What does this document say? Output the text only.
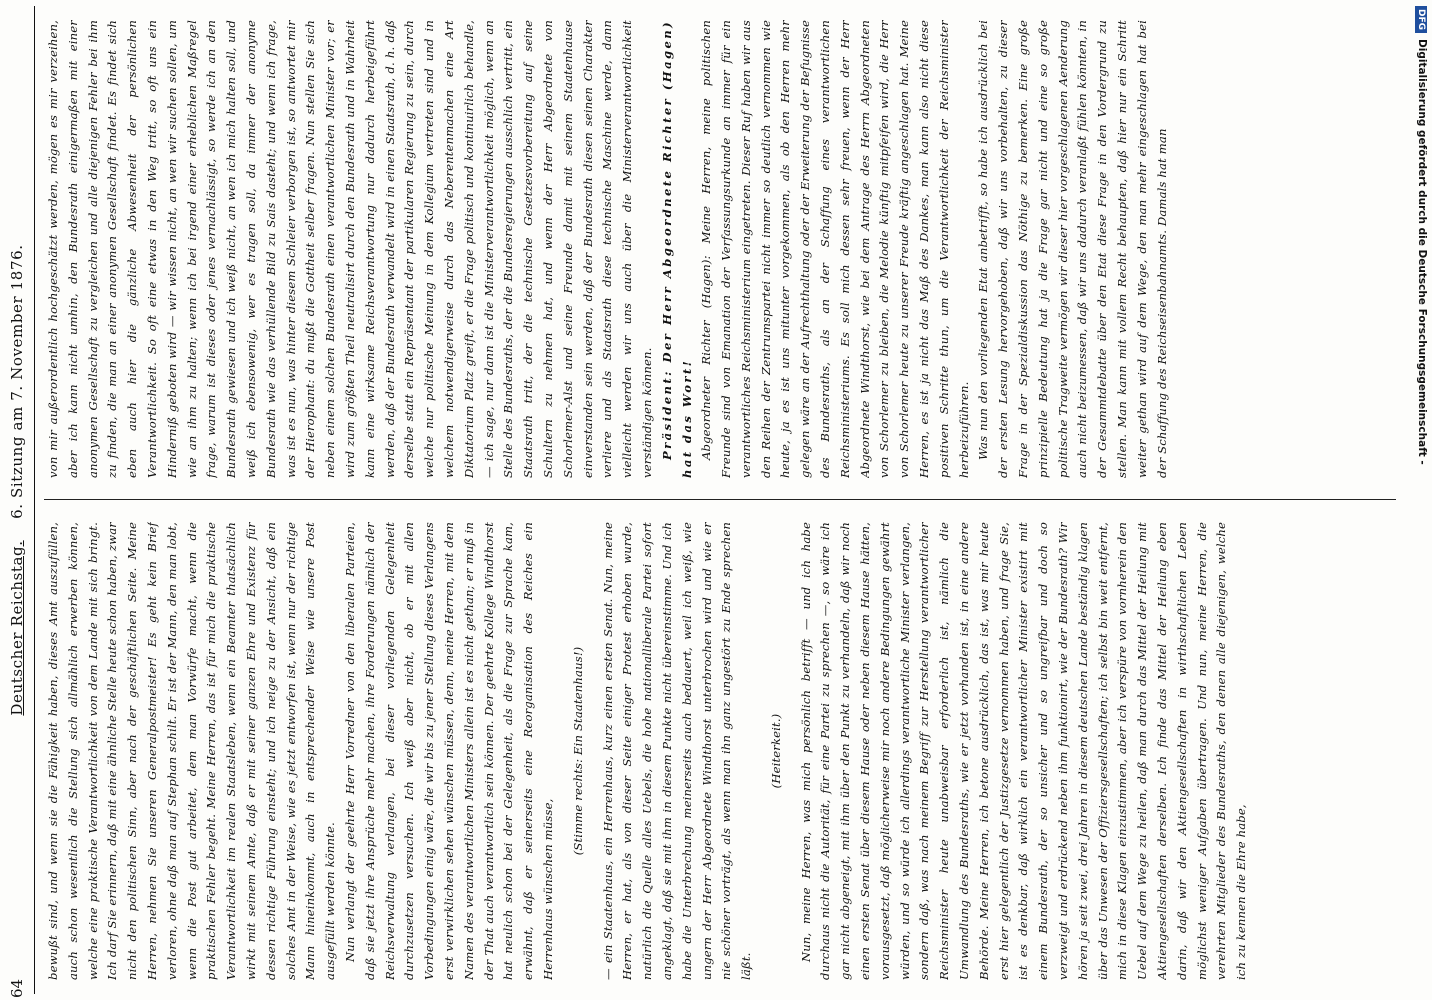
64
Deutscher Reichstag.    6. Sitzung am 7. November 1876.

bewußt sind, und wenn sie die Fähigkeit haben, dieses Amt auszufüllen, auch schon wesentlich die Stellung sich allmählich erwerben können, welche eine praktische Verantwortlichkeit von dem Lande mit sich bringt. Ich darf Sie erinnern, daß mit eine ähnliche Stelle heute schon haben, zwar nicht den politischen Sinn, aber nach der geschäftlichen Seite. Meine Herren, nehmen Sie unseren Generalpostmeister! Es geht kein Brief verloren, ohne daß man auf Stephan schilt. Er ist der Mann, den man lobt, wenn die Post gut arbeitet, dem man Vorwürfe macht, wenn die praktischen Fehler begeht. Meine Herren, das ist für mich die praktische Verantwortlichkeit im realen Staatsleben, wenn ein Beamter thatsächlich wirkt mit seinem Amte, daß er mit seiner ganzen Ehre und Existenz für dessen richtige Führung einsteht; und ich neige zu der Ansicht, daß ein solches Amt in der Weise, wie es jetzt entworfen ist, wenn nur der richtige Mann hineinkommt, auch in entsprechender Weise wie unsere Post ausgefüllt werden könnte. Nun verlangt der geehrte Herr Vorredner von den liberalen Parteien, daß sie jetzt ihre Ansprüche mehr machen, ihre Forderungen nämlich der Reichsverwaltung verlangen, bei dieser vorliegenden Gelegenheit durchzusetzen versuchen. Ich weiß aber nicht, ob er mit allen Vorbedingungen einig wäre, die wir bis zu jener Stellung dieses Verlangens erst verwirklichen sehen wünschen müssen, denn, meine Herren, mit dem Namen des verantwortlichen Ministers allein ist es nicht gethan; er muß in der That auch verantwortlich sein können. Der geehrte Kollege Windthorst hat neulich schon bei der Gelegenheit, als die Frage zur Sprache kam, erwähnt, daß er seinerseits eine Reorganisation des Reiches ein Herrenhaus wünschen müsse,

(Stimme rechts: Ein Staatenhaus!)	— ein Staatenhaus, ein Herrenhaus, kurz einen ersten Senat. Nun, meine Herren, er hat, als von dieser Seite einiger Protest erhoben wurde, natürlich die Quelle alles Uebels, die hohe nationalliberale Partei sofort angeklagt, daß sie mit ihm in diesem Punkte nicht übereinstimme. Und ich habe die Unterbrechung meinerseits auch bedauert, weil ich weiß, wie ungern der Herr Abgeordnete Windthorst unterbrochen wird und wie er nie schöner vorträgt, als wenn man ihn ganz ungestört zu Ende sprechen läßt.

(Heiterkeit.)	Nun, meine Herren, was mich persönlich betrifft — und ich habe durchaus nicht die Autorität, für eine Partei zu sprechen —, so wäre ich gar nicht abgeneigt, mit ihm über den Punkt zu verhandeln, daß wir noch einen ersten Senat über diesem Hause oder neben diesem Hause hätten, vorausgesetzt, daß möglicherweise mir noch andere Bedingungen gewährt würden, und so würde ich allerdings verantwortliche Minister verlangen, sondern daß, was nach meinem Begriff zur Herstellung verantwortlicher Reichsminister heute unabweisbar erforderlich ist, nämlich die Umwandlung des Bundesraths, wie er jetzt vorhanden ist, in eine andere Behörde. Meine Herren, ich betone ausdrücklich, das ist, was mir heute erst hier gelegentlich der Justizgesetze vernommen haben, und frage Sie, ist es denkbar, daß wirklich ein verantwortlicher Minister existirt mit einem Bundesrath, der so unsicher und so ungreifbar und doch so verzweigt und erdrückend neben ihm funktionirt, wie der Bundesrath? Wir hören ja seit zwei, drei Jahren in diesem deutschen Lande beständig klagen über das Unwesen der Offiziersgesellschaften; ich selbst bin weit entfernt, mich in diese Klagen einzustimmen, aber ich verspüre von vornherein den Uebel auf dem Wege zu heilen, daß man durch das Mittel der Heilung mit Aktiengesellschaften derselben. Ich finde das Mittel der Heilung eben darin, daß wir den Aktiengesellschaften in wirthschaftlichen Leben möglichst weniger Aufgaben übertragen. Und nun, meine Herren, die verehrten Mitglieder des Bundesraths, den denen alle diejenigen, welche ich zu kennen die Ehre habe,

von mir außerordentlich hochgeschätzt werden, mögen es mir verzeihen, aber ich kann nicht umhin, den Bundesrath einigermaßen mit einer anonymen Gesellschaft zu vergleichen und alle diejenigen Fehler bei ihm zu finden, die man an einer anonymen Gesellschaft findet. Es findet sich eben auch hier die gänzliche Abwesenheit der persönlichen Verantwortlichkeit. So oft eine etwas in den Weg tritt, so oft uns ein Hinderniß geboten wird — wir wissen nicht, an wen wir suchen sollen, um wie an ihm zu halten; wenn ich bei irgend einer erheblichen Maßregel frage, warum ist dieses oder jenes vernachlässigt, so werde ich an den Bundesrath gewiesen und ich weiß nicht, an wen ich mich halten soll, und weiß ich ebensowenig, wer es tragen soll, da immer der anonyme Bundesrath wie das verhüllende Bild zu Sais dasteht; und wenn ich frage, was ist es nun, was hinter diesem Schleier verborgen ist, so antwortet mir der Hierophant: du mußt die Gottheit selber fragen. Nun stellen Sie sich neben einem solchen Bundesrath einen verantwortlichen Minister vor; er wird zum größten Theil neutralisirt durch den Bundesrath und in Wahrheit kann eine wirksame Reichsverantwortung nur dadurch herbeigeführt werden, daß der Bundesrath verwandelt wird in einen Staatsrath, d. h. daß derselbe statt ein Repräsentant der partikularen Regierung zu sein, durch welche nur politische Meinung in dem Kollegium vertreten sind und in welchem notwendigerweise durch das Neberentenmachen eine Art Diktatorium Platz greift, er die Frage politisch und kontinuirlich behandle, — ich sage, nur dann ist die Ministerverantwortlichkeit möglich, wenn an Stelle des Bundesraths, der die Bundesregierungen ausschlich vertritt, ein Staatsrath tritt, der die technische Gesetzesvorbereitung auf seine Schultern zu nehmen hat, und wenn der Herr Abgeordnete von Schorlemer-Alst und seine Freunde damit mit seinem Staatenhause einverstanden sein werden, daß der Bundesrath diesen seinen Charakter verliere und als Staatsrath diese technische Maschine werde, dann vielleicht werden wir uns auch über die Ministerverantwortlichkeit verständigen können. Präsident: Der Herr Abgeordnete Richter (Hagen) hat das Wort! Abgeordneter Richter (Hagen): Meine Herren, meine politischen Freunde sind von Emanation der Verfassungsurkunde an immer für ein verantwortliches Reichsministerium eingetreten. Dieser Ruf haben wir aus den Reihen der Zentrumspartei nicht immer so deutlich vernommen wie heute, ja es ist uns mitunter vorgekommen, als ob den Herren mehr gelegen wäre an der Aufrechthaltung oder der Erweiterung der Befugnisse des Bundesraths, als an der Schaffung eines verantwortlichen Reichsministeriums. Es soll mich dessen sehr freuen, wenn der Herr Abgeordnete Windthorst, wie bei dem Antrage des Herrn Abgeordneten von Schorlemer zu bleiben, die Melodie künftig mitpfeifen wird, die Herr von Schorlemer heute zu unserer Freude kräftig angeschlagen hat. Meine Herren, es ist ja nicht das Maß des Dankes, man kann also nicht diese positiven Schritte thun, um die Verantwortlichkeit der Reichsminister herbeizuführen. Was nun den vorliegenden Etat anbetrifft, so habe ich ausdrücklich bei der ersten Lesung hervorgehoben, daß wir uns vorbehalten, zu dieser Frage in der Spezialdiskussion das Nöthige zu bemerken. Eine große prinzipielle Bedeutung hat ja die Frage gar nicht und eine so große politische Tragweite vermögen wir dieser hier vorgeschlagenen Aenderung auch nicht beizumessen, daß wir uns dadurch veranlaßt fühlen könnten, in der Gesammtdebatte über den Etat diese Frage in den Vordergrund zu stellen. Man kann mit vollem Recht behaupten, daß hier nur ein Schritt weiter gethan wird auf dem Wege, den man mehr eingeschlagen hat bei der Schaffung des Reichseisenbahnamts. Damals hat man

DFGDigitalisierung gefördert durch die Deutsche Forschungsgemeinschaft -
